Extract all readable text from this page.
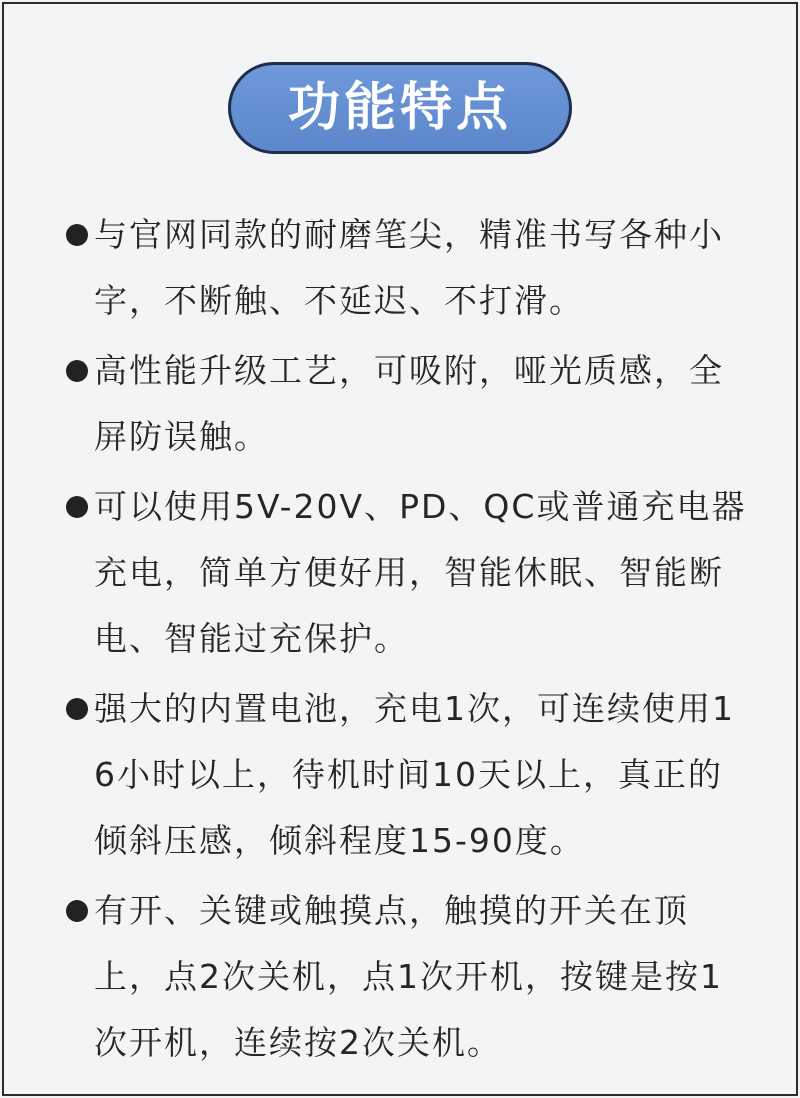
功能特点

与官网同款的耐磨笔尖，精准书写各种小字，不断触、不延迟、不打滑。

高性能升级工艺，可吸附，哑光质感，全屏防误触。

可以使用5V-20V、PD、QC或普通充电器充电，简单方便好用，智能休眠、智能断电、智能过充保护。

强大的内置电池，充电1次，可连续使用16小时以上，待机时间10天以上，真正的倾斜压感，倾斜程度15-90度。

有开、关键或触摸点，触摸的开关在顶上，点2次关机，点1次开机，按键是按1次开机，连续按2次关机。
